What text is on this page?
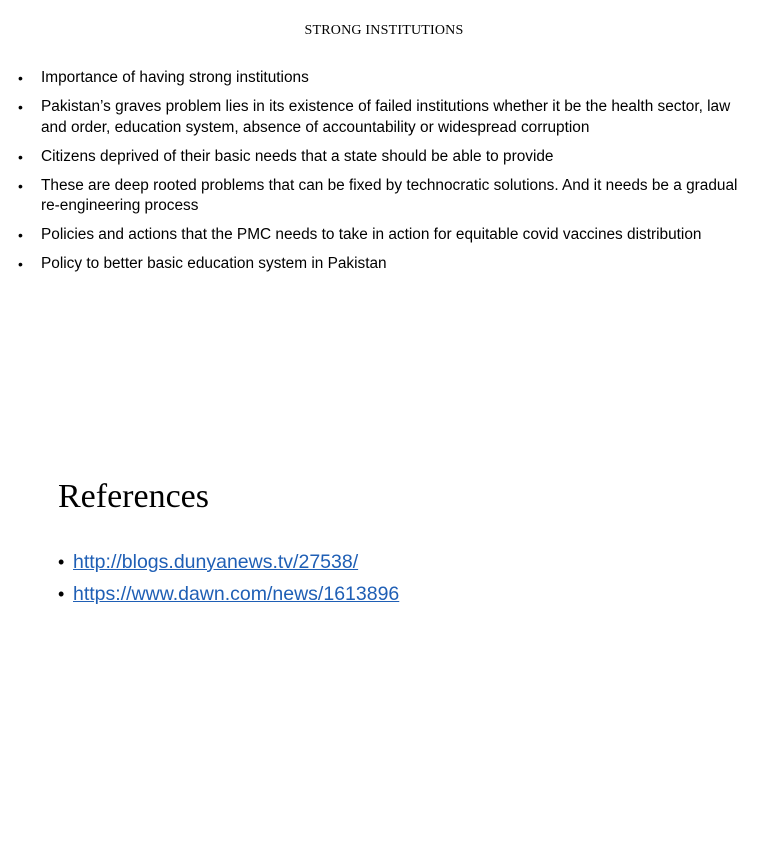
STRONG INSTITUTIONS
•	Importance of having strong institutions
•	Pakistan’s graves problem lies in its existence of failed institutions whether it be the health sector, law and order, education system, absence of accountability or widespread corruption
•	Citizens deprived of their basic needs that a state should be able to provide
•	These are deep rooted problems that can be fixed by technocratic solutions. And it needs be a gradual re-engineering process
•	Policies and actions that the PMC needs to take in action for equitable covid vaccines distribution
•	Policy to better basic education system in Pakistan
References
• http://blogs.dunyanews.tv/27538/
• https://www.dawn.com/news/1613896
